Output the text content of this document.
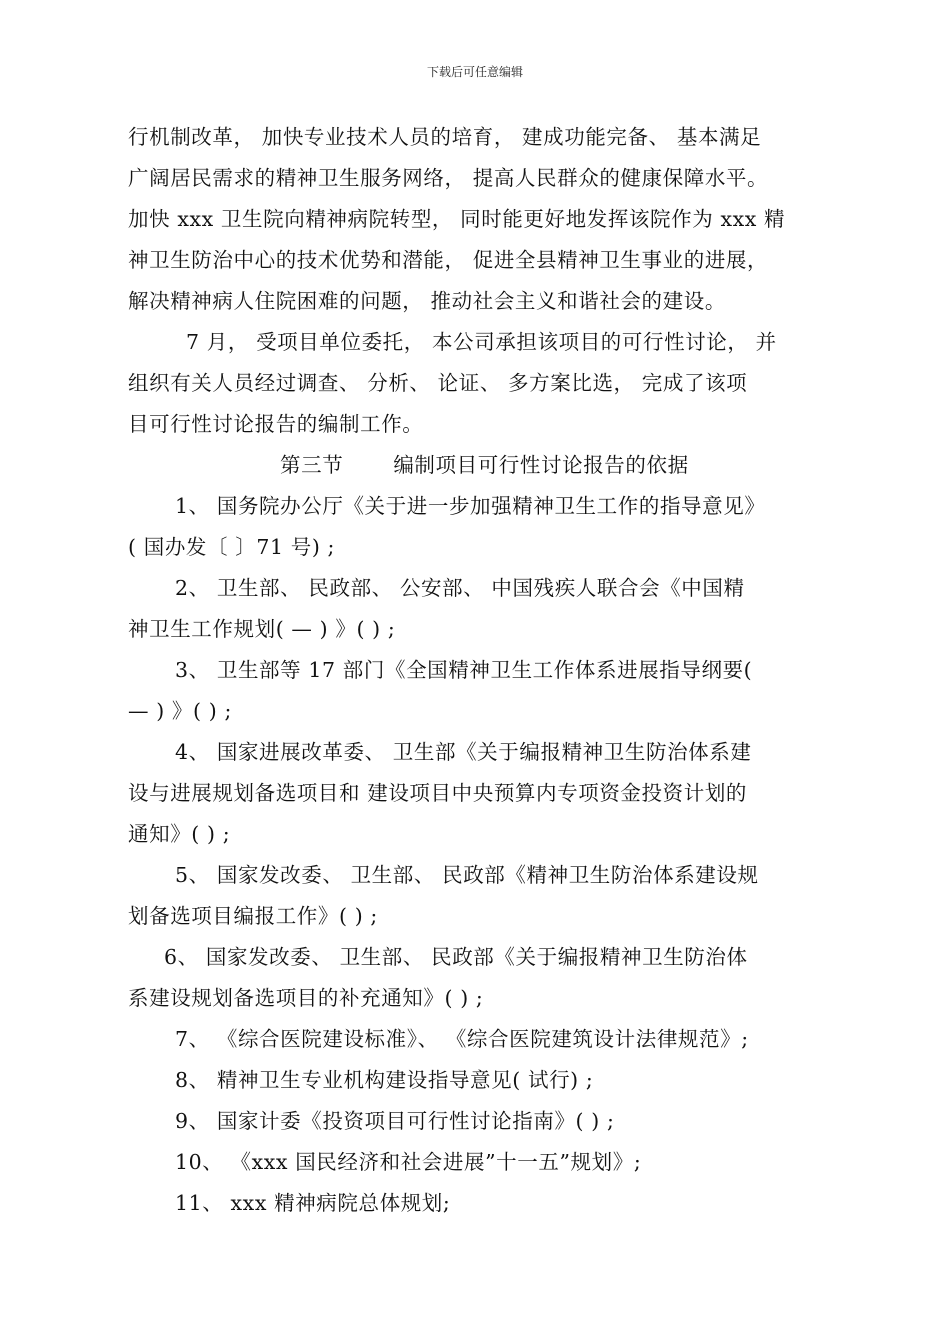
下载后可任意编辑
行机制改革， 加快专业技术人员的培育， 建成功能完备、 基本满足
广阔居民需求的精神卫生服务网络， 提高人民群众的健康保障水平。
加快 xxx 卫生院向精神病院转型， 同时能更好地发挥该院作为 xxx 精
神卫生防治中心的技术优势和潜能， 促进全县精神卫生事业的进展，
解决精神病人住院困难的问题， 推动社会主义和谐社会的建设。
7 月， 受项目单位委托， 本公司承担该项目的可行性讨论， 并
组织有关人员经过调查、 分析、 论证、 多方案比选， 完成了该项
目可行性讨论报告的编制工作。
第三节 编制项目可行性讨论报告的依据
1、 国务院办公厅《关于进一步加强精神卫生工作的指导意见》
( 国办发〔 〕71 号) ;
2、 卫生部、 民政部、 公安部、 中国残疾人联合会《中国精
神卫生工作规划( — ) 》( ) ;
3、 卫生部等 17 部门《全国精神卫生工作体系进展指导纲要(
— ) 》( ) ;
4、 国家进展改革委、 卫生部《关于编报精神卫生防治体系建
设与进展规划备选项目和 建设项目中央预算内专项资金投资计划的
通知》( ) ;
5、 国家发改委、 卫生部、 民政部《精神卫生防治体系建设规
划备选项目编报工作》( ) ;
6、 国家发改委、 卫生部、 民政部《关于编报精神卫生防治体
系建设规划备选项目的补充通知》( ) ;
7、 《综合医院建设标准》、 《综合医院建筑设计法律规范》;
8、 精神卫生专业机构建设指导意见( 试行) ;
9、 国家计委《投资项目可行性讨论指南》( ) ;
10、 《xxx 国民经济和社会进展”十一五”规划》;
11、 xxx 精神病院总体规划;
